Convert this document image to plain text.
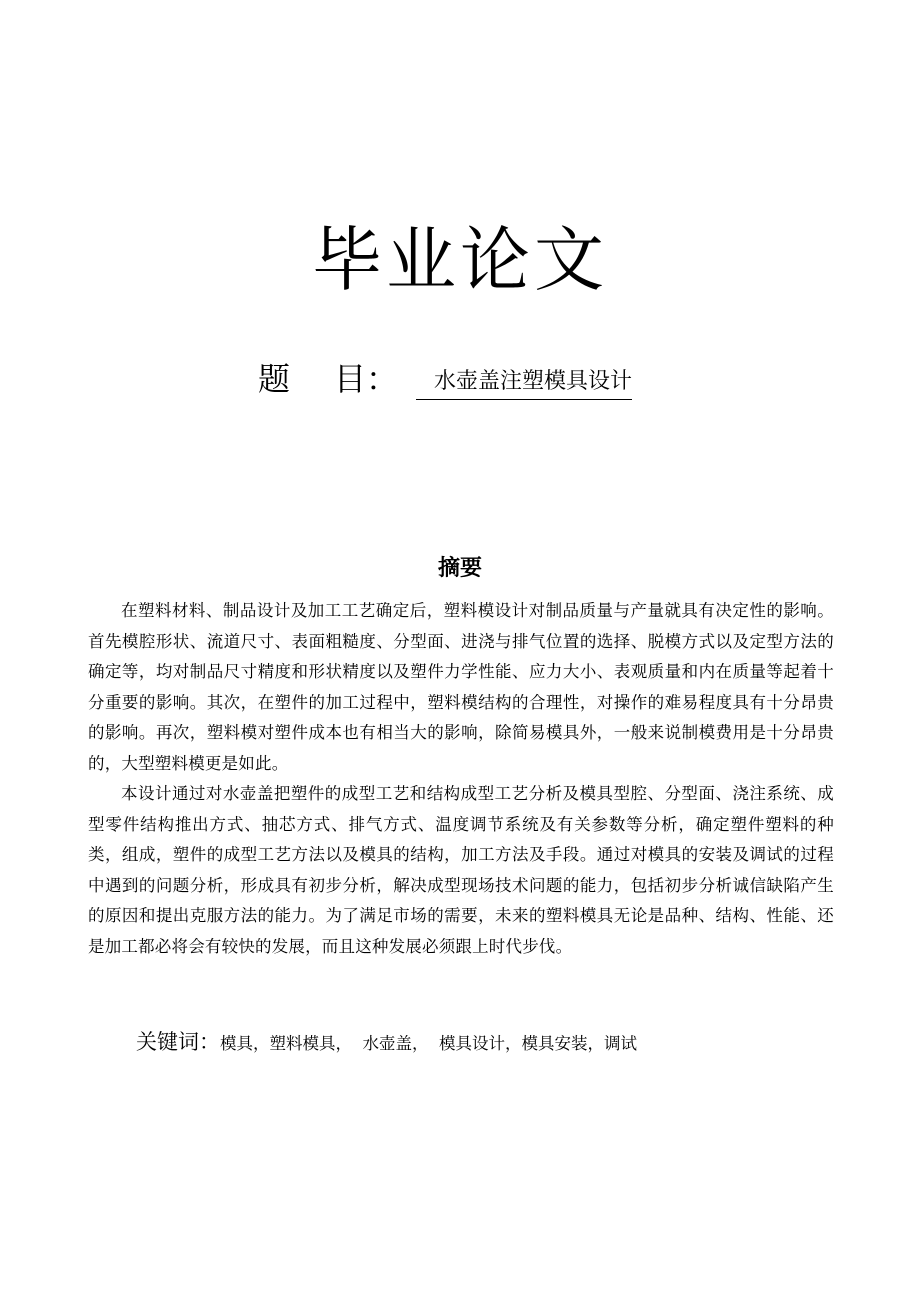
毕业论文
题 目：	水壶盖注塑模具设计
摘要

在塑料材料、制品设计及加工工艺确定后，塑料模设计对制品质量与产量就具有决定性的影响。首先模腔形状、流道尺寸、表面粗糙度、分型面、进浇与排气位置的选择、脱模方式以及定型方法的确定等，均对制品尺寸精度和形状精度以及塑件力学性能、应力大小、表观质量和内在质量等起着十分重要的影响。其次，在塑件的加工过程中，塑料模结构的合理性，对操作的难易程度具有十分昂贵的影响。再次，塑料模对塑件成本也有相当大的影响，除简易模具外，一般来说制模费用是十分昂贵的，大型塑料模更是如此。

本设计通过对水壶盖把塑件的成型工艺和结构成型工艺分析及模具型腔、分型面、浇注系统、成型零件结构推出方式、抽芯方式、排气方式、温度调节系统及有关参数等分析，确定塑件塑料的种类，组成，塑件的成型工艺方法以及模具的结构，加工方法及手段。通过对模具的安装及调试的过程中遇到的问题分析，形成具有初步分析，解决成型现场技术问题的能力，包括初步分析诚信缺陷产生的原因和提出克服方法的能力。为了满足市场的需要，未来的塑料模具无论是品种、结构、性能、还是加工都必将会有较快的发展，而且这种发展必须跟上时代步伐。

关键词： 模具，塑料模具，  水壶盖，  模具设计，模具安装，调试
